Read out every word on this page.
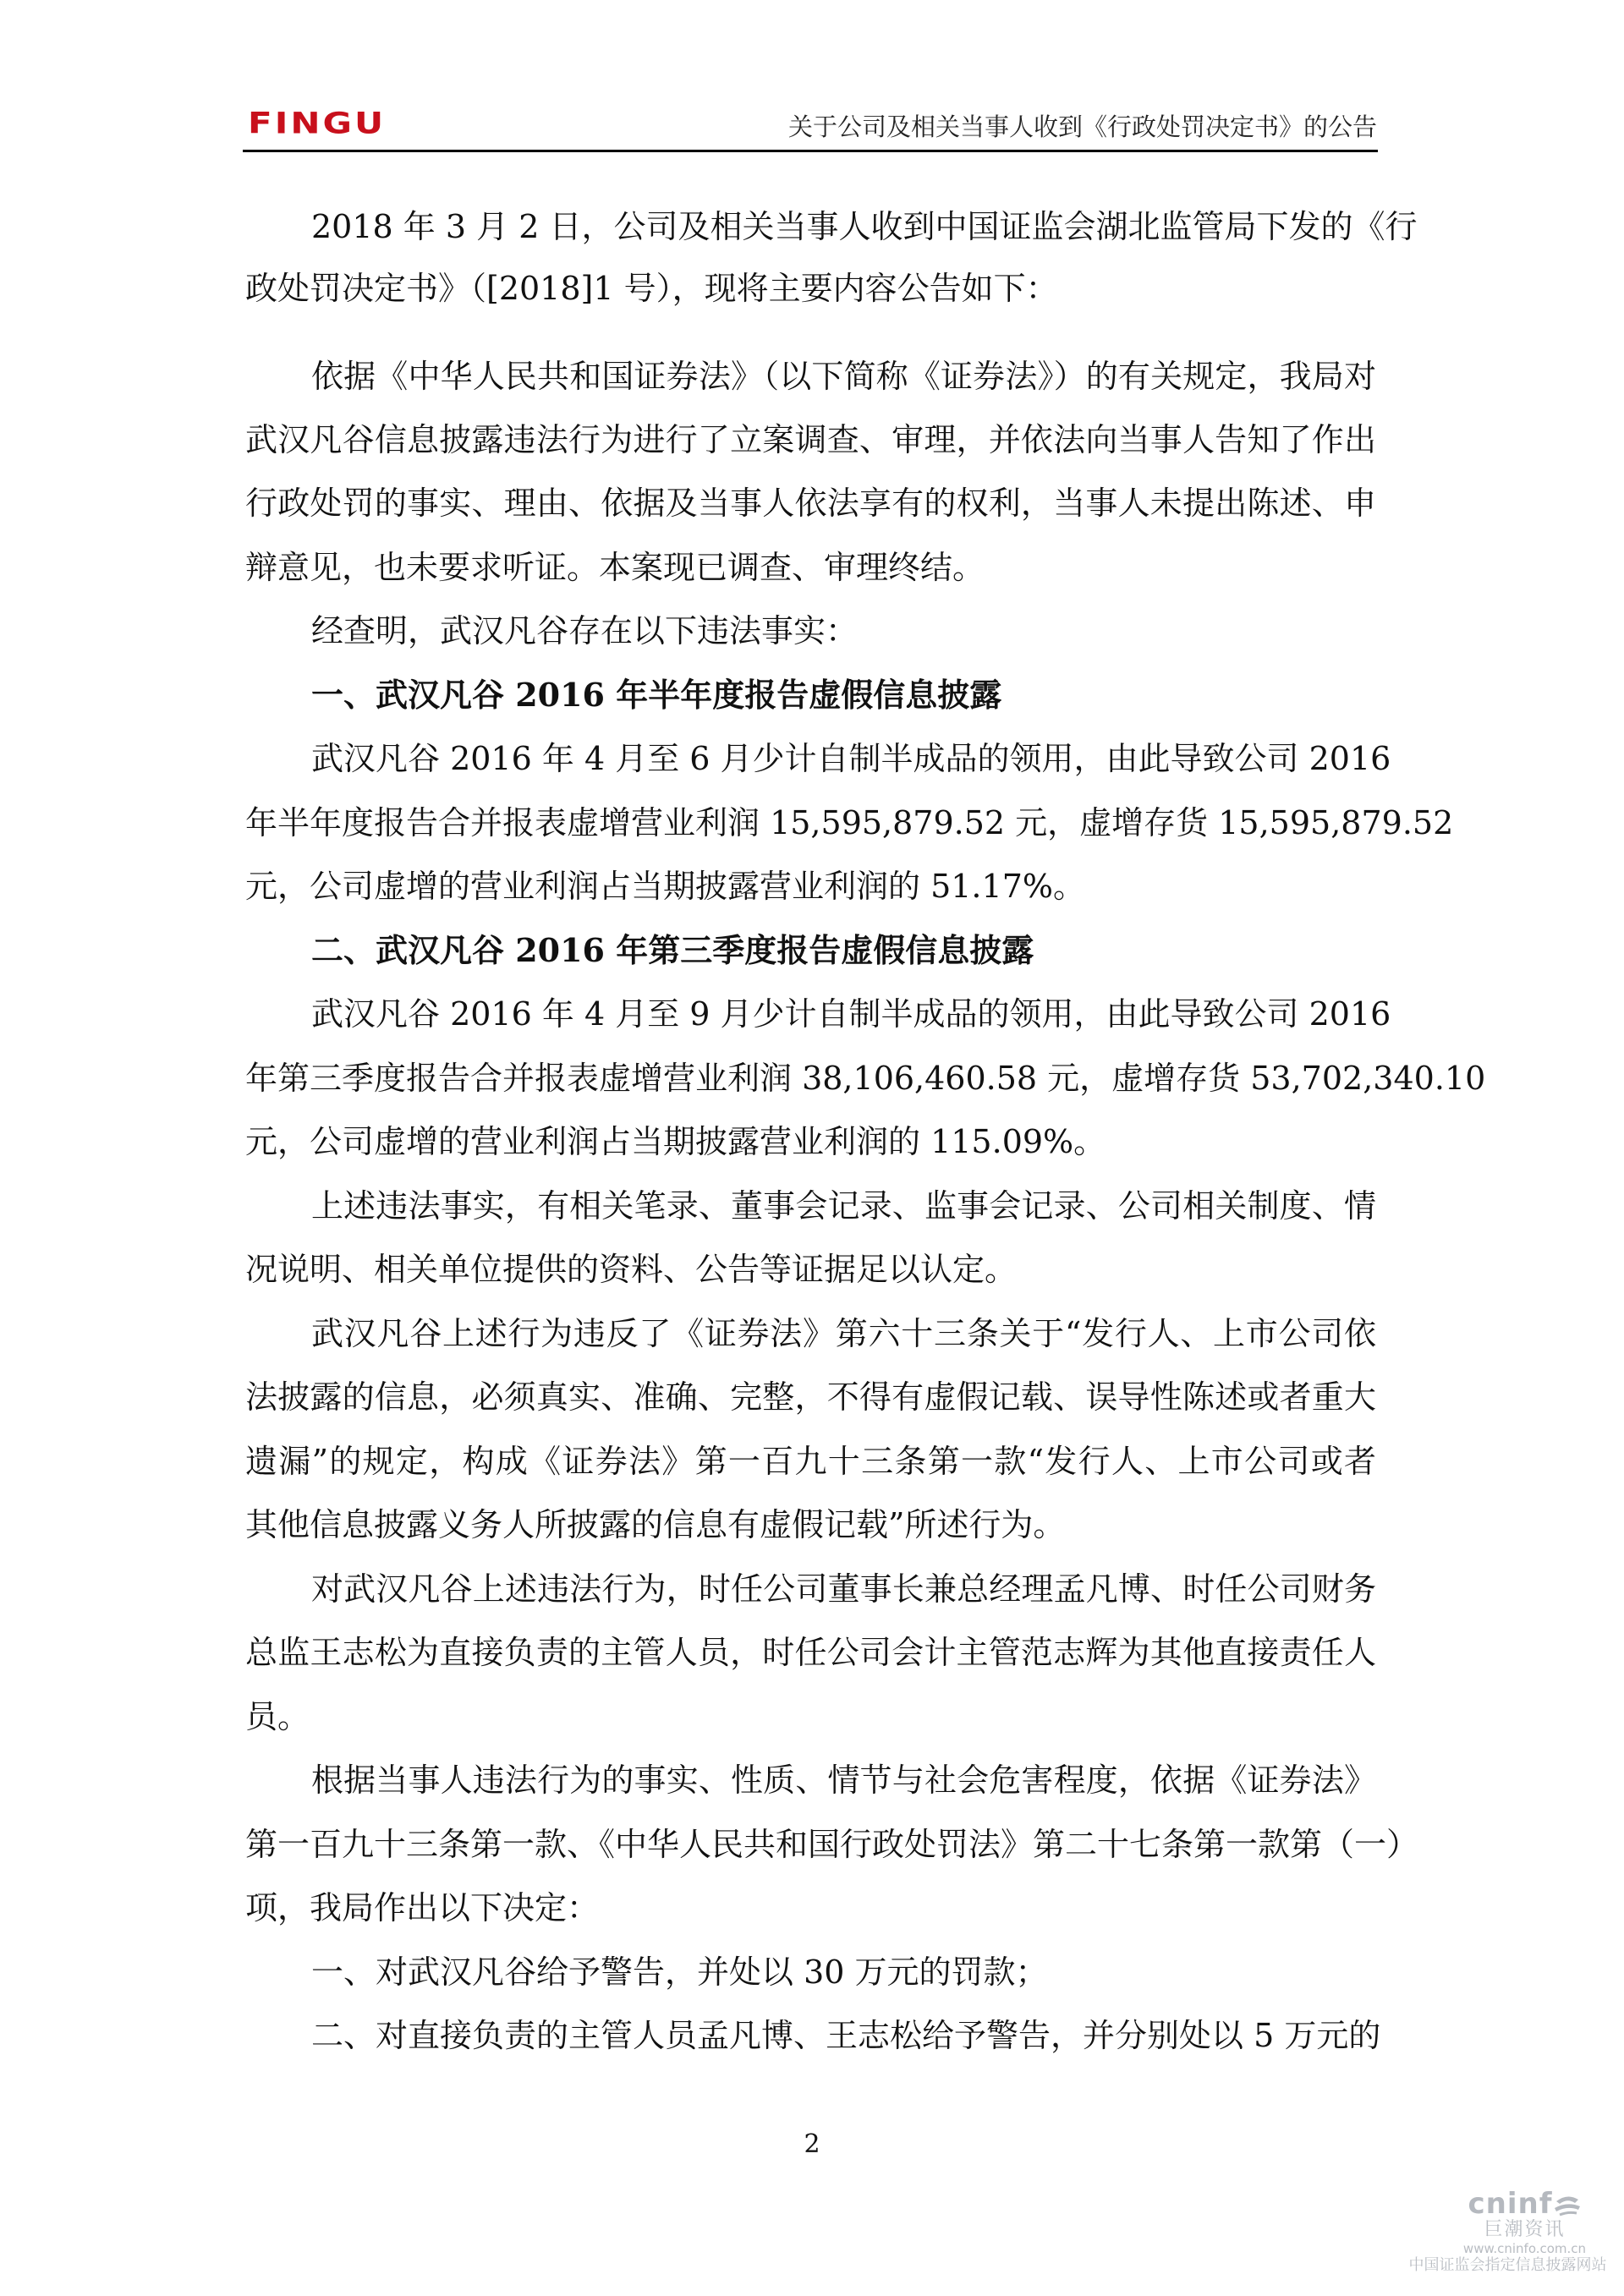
FINGU	关于公司及相关当事人收到《行政处罚决定书》的公告
2018 年 3 月 2 日，公司及相关当事人收到中国证监会湖北监管局下发的《行
政处罚决定书》（[2018]1 号），现将主要内容公告如下：
依据《中华人民共和国证券法》（以下简称《证券法》）的有关规定，我局对
武汉凡谷信息披露违法行为进行了立案调查、审理，并依法向当事人告知了作出
行政处罚的事实、理由、依据及当事人依法享有的权利，当事人未提出陈述、申
辩意见，也未要求听证。本案现已调查、审理终结。
经查明，武汉凡谷存在以下违法事实：
一、武汉凡谷 2016 年半年度报告虚假信息披露
武汉凡谷 2016 年 4 月至 6 月少计自制半成品的领用，由此导致公司 2016
年半年度报告合并报表虚增营业利润 15,595,879.52 元，虚增存货 15,595,879.52
元，公司虚增的营业利润占当期披露营业利润的 51.17%。
二、武汉凡谷 2016 年第三季度报告虚假信息披露
武汉凡谷 2016 年 4 月至 9 月少计自制半成品的领用，由此导致公司 2016
年第三季度报告合并报表虚增营业利润 38,106,460.58 元，虚增存货 53,702,340.10
元，公司虚增的营业利润占当期披露营业利润的 115.09%。
上述违法事实，有相关笔录、董事会记录、监事会记录、公司相关制度、情
况说明、相关单位提供的资料、公告等证据足以认定。
武汉凡谷上述行为违反了《证券法》第六十三条关于“发行人、上市公司依
法披露的信息，必须真实、准确、完整，不得有虚假记载、误导性陈述或者重大
遗漏”的规定，构成《证券法》第一百九十三条第一款“发行人、上市公司或者
其他信息披露义务人所披露的信息有虚假记载”所述行为。
对武汉凡谷上述违法行为，时任公司董事长兼总经理孟凡博、时任公司财务
总监王志松为直接负责的主管人员，时任公司会计主管范志辉为其他直接责任人
员。
根据当事人违法行为的事实、性质、情节与社会危害程度，依据《证券法》
第一百九十三条第一款、《中华人民共和国行政处罚法》第二十七条第一款第（一）
项，我局作出以下决定：
一、对武汉凡谷给予警告，并处以 30 万元的罚款；
二、对直接负责的主管人员孟凡博、王志松给予警告，并分别处以 5 万元的
2
cninf
巨潮资讯
www.cninfo.com.cn
中国证监会指定信息披露网站
